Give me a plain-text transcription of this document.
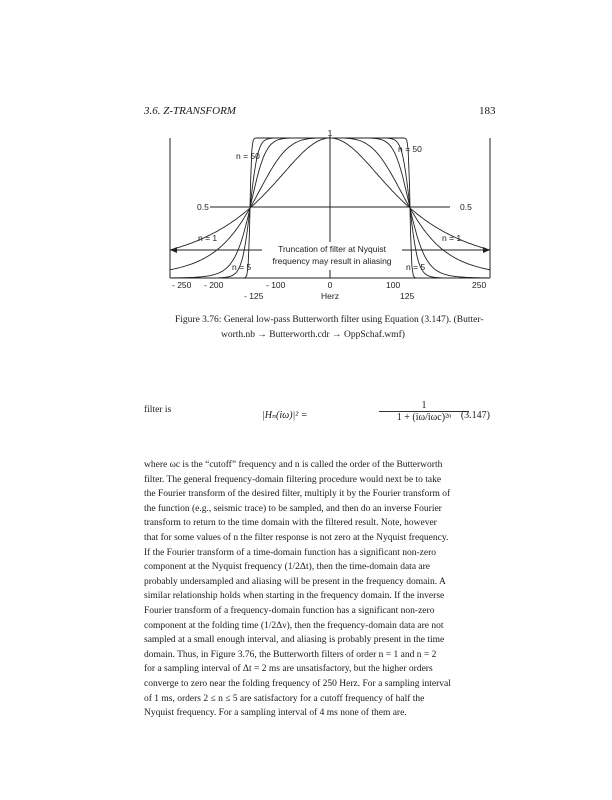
3.6. Z-TRANSFORM	183
Truncation of filter at Nyquist
frequency may result in aliasing
1
n = 50
n = 50
0.5	0.5
n = 1	n = 1
n = 5	n = 5
- 250 - 200	- 100	0	100	250
- 125	125
Herz
Figure 3.76: General low-pass Butterworth filter using Equation (3.147). (Butter-
worth.nb → Butterworth.cdr → OppSchaf.wmf)
filter is	|Hₙ(iω)|² =
1
1 + (iω/iωc)²ⁿ (3.147)
where ωc is the “cutoff” frequency and n is called the order of the Butterworth
filter. The general frequency-domain filtering procedure would next be to take
the Fourier transform of the desired filter, multiply it by the Fourier transform of
the function (e.g., seismic trace) to be sampled, and then do an inverse Fourier
transform to return to the time domain with the filtered result. Note, however
that for some values of n the filter response is not zero at the Nyquist frequency.
If the Fourier transform of a time-domain function has a significant non-zero
component at the Nyquist frequency (1/2Δt), then the time-domain data are
probably undersampled and aliasing will be present in the frequency domain. A
similar relationship holds when starting in the frequency domain. If the inverse
Fourier transform of a frequency-domain function has a significant non-zero
component at the folding time (1/2Δν), then the frequency-domain data are not
sampled at a small enough interval, and aliasing is probably present in the time
domain. Thus, in Figure 3.76, the Butterworth filters of order n = 1 and n = 2
for a sampling interval of Δt = 2 ms are unsatisfactory, but the higher orders
converge to zero near the folding frequency of 250 Herz. For a sampling interval
of 1 ms, orders 2 ≤ n ≤ 5 are satisfactory for a cutoff frequency of half the
Nyquist frequency. For a sampling interval of 4 ms none of them are.
